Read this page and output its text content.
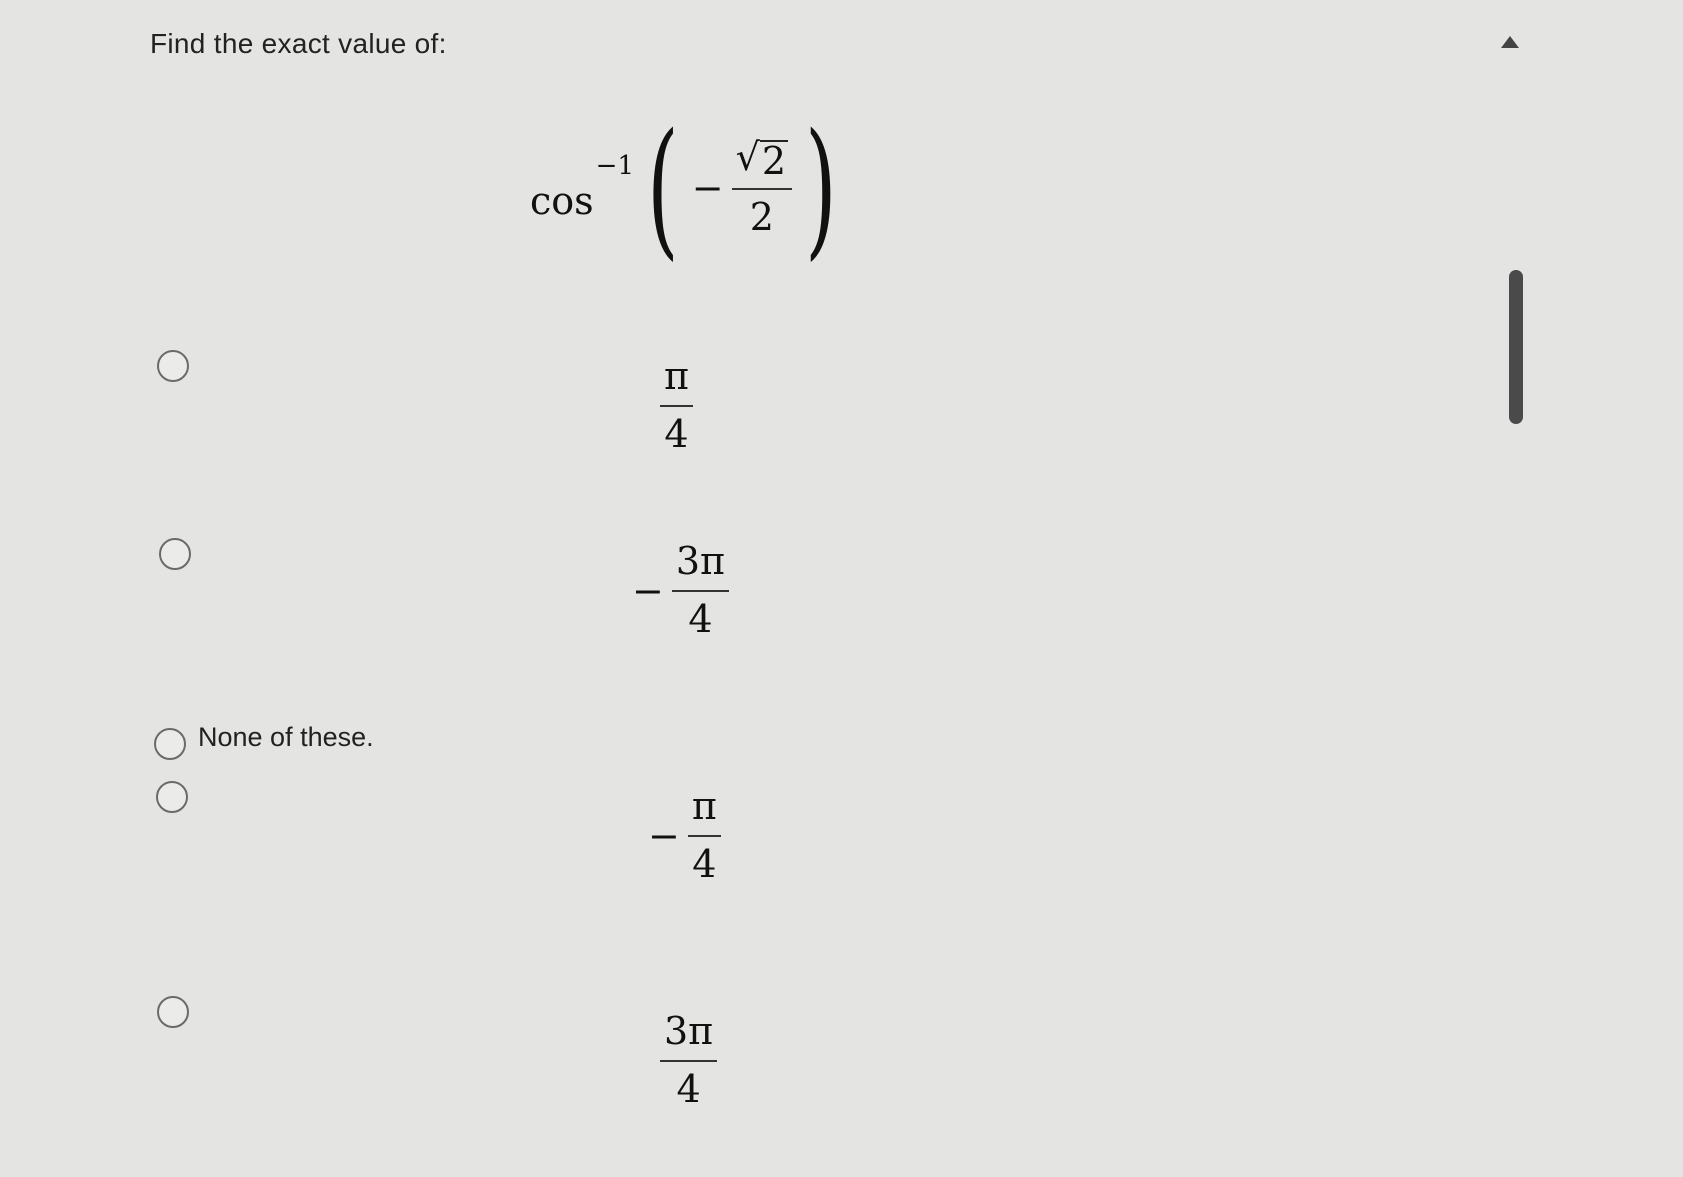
Find the exact value of:
cos
−1 ( − $\frac{√ 2}{2}$ )
$\frac{\pi}{4}$
− $\frac{3\pi}{4}$
None of these.
− $\frac{\pi}{4}$
$\frac{3\pi}{4}$
